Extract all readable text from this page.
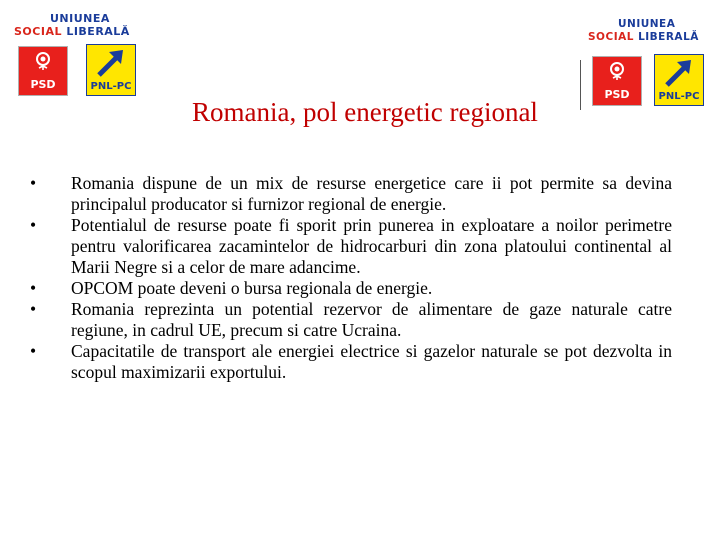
UNIUNEA
SOCIAL LIBERALĂ
PSD	PNL-PC
UNIUNEA
SOCIAL LIBERALĂ
PSD	PNL-PC
Romania, pol energetic regional
• Romania dispune de un mix de resurse energetice care ii pot permite sa devina principalul producator si furnizor regional de energie.
• Potentialul de resurse poate fi sporit prin punerea in exploatare a noilor perimetre pentru valorificarea zacamintelor de hidrocarburi din zona platoului continental al Marii Negre si a celor de mare adancime.
• OPCOM poate deveni o bursa regionala de energie.
• Romania reprezinta un potential rezervor de alimentare de gaze naturale catre regiune, in cadrul UE, precum si catre Ucraina.
• Capacitatile de transport ale energiei electrice si gazelor naturale se pot dezvolta in scopul maximizarii exportului.
